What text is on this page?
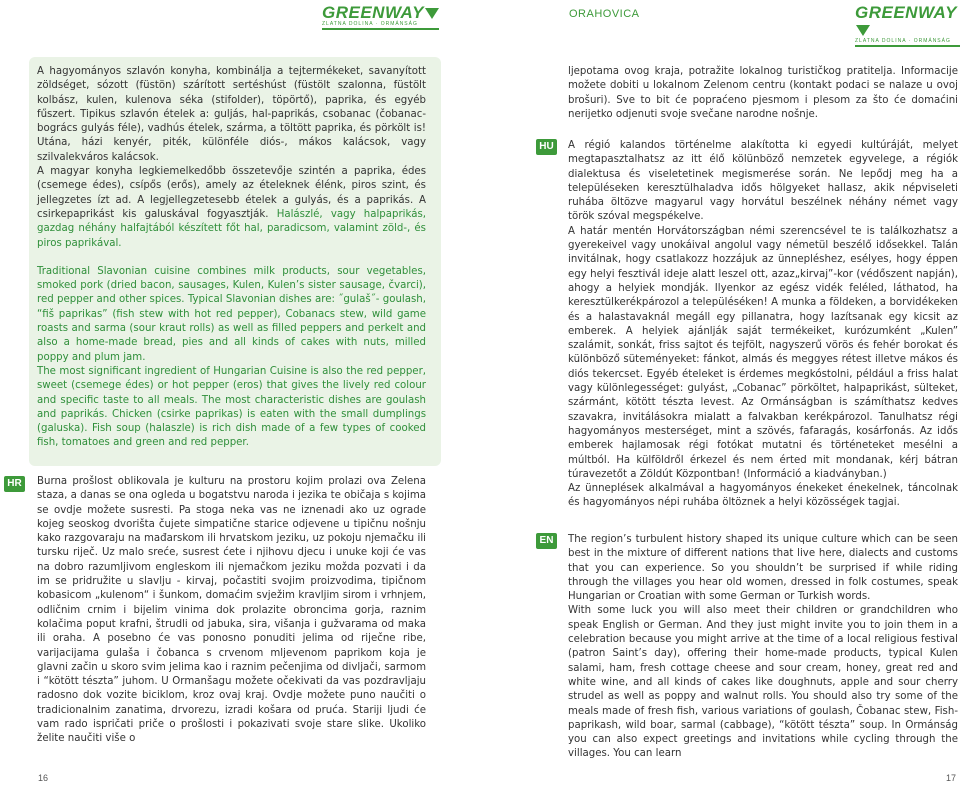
GREENWAY
ZLATNA DOLINA · ORMÁNSÁG
ORAHOVICA	GREENWAY
ZLATNA DOLINA · ORMÁNSÁG

A hagyományos szlavón konyha, kombinálja a tejtermékeket, savanyított zöldséget, sózott (füstön) szárított sertéshúst (füstölt szalonna, füstölt kolbász, kulen, kulenova séka (stifolder), töpörtő), paprika, és egyéb fűszert. Tipikus szlavón ételek a: guljás, hal-paprikás, csobanac (čobanac-bogrács gulyás féle), vadhús ételek, szárma, a töltött paprika, és pörkölt is! Utána, házi kenyér, piték, különféle diós-, mákos kalácsok, vagy szilvalekváros kalácsok.

A magyar konyha legkiemelkedőbb összetevője szintén a paprika, édes (csemege édes), csípős (erős), amely az ételeknek élénk, piros szint, és jellegzetes ízt ad. A legjellegzetesebb ételek a gulyás, és a paprikás. A csirkepaprikást kis galuskával fogyasztják. Halászlé, vagy halpaprikás, gazdag néhány halfajtából készített főt hal, paradicsom, valamint zöld-, és piros paprikával.

Traditional Slavonian cuisine combines milk products, sour vegetables, smoked pork (dried bacon, sausages, Kulen, Kulen’s sister sausage, čvarci), red pepper and other spices. Typical Slavonian dishes are: ˝gulaš˝- goulash, “fiš paprikas” (fish stew with hot red pepper), Cobanacs stew, wild game roasts and sarma (sour kraut rolls) as well as filled peppers and perkelt and also a home-made bread, pies and all kinds of cakes with nuts, milled poppy and plum jam.

The most significant ingredient of Hungarian Cuisine is also the red pepper, sweet (csemege édes) or hot pepper (eros) that gives the lively red colour and specific taste to all meals. The most characteristic dishes are goulash and paprikás. Chicken (csirke paprikas) is eaten with the small dumplings (galuska). Fish soup (halaszle) is rich dish made of a few types of cooked fish, tomatoes and green and red pepper.

HR	Burna prošlost oblikovala je kulturu na prostoru kojim prolazi ova Zelena staza, a danas se ona ogleda u bogatstvu naroda i jezika te običaja s kojima se ovdje možete susresti. Pa stoga neka vas ne iznenadi ako uz ograde kojeg seoskog dvorišta čujete simpatične starice odjevene u tipičnu nošnju kako razgovaraju na mađarskom ili hrvatskom jeziku, uz pokoju njemačku ili tursku riječ. Uz malo sreće, susrest ćete i njihovu djecu i unuke koji će vas na dobro razumljivom engleskom ili njemačkom jeziku možda pozvati i da im se pridružite u slavlju - kirvaj, počastiti svojim proizvodima, tipičnom kobasicom „kulenom“ i šunkom, domaćim svježim kravljim sirom i vrhnjem, odličnim crnim i bijelim vinima dok prolazite obroncima gorja, raznim kolačima poput krafni, štrudli od jabuka, sira, višanja i gužvarama od maka ili oraha. A posebno će vas ponosno ponuditi jelima od riječne ribe, varijacijama gulaša i čobanca s crvenom mljevenom paprikom koja je glavni začin u skoro svim jelima kao i raznim pečenjima od divljači, sarmom i “kötött tészta” juhom. U Ormanšagu možete očekivati da vas pozdravljaju radosno dok vozite biciklom, kroz ovaj kraj. Ovdje možete puno naučiti o tradicionalnim zanatima, drvorezu, izradi košara od pruća. Stariji ljudi će vam rado ispričati priče o prošlosti i pokazivati svoje stare slike. Ukoliko želite naučiti više o

16

ljepotama ovog kraja, potražite lokalnog turističkog pratitelja. Informacije možete dobiti u lokalnom Zelenom centru (kontakt podaci se nalaze u ovoj brošuri). Sve to bit će popraćeno pjesmom i plesom za što će domaćini nerijetko odjenuti svoje svečane narodne nošnje.

HU	A régió kalandos történelme alakította ki egyedi kultúráját, melyet megtapasztalhatsz az itt élő kölünböző nemzetek egyvelege, a régiók dialektusa és viseletetinek megismerése során. Ne lepődj meg ha a településeken keresztülhaladva idős hölgyeket hallasz, akik népviseleti ruhába öltözve magyarul vagy horvátul beszélnek néhány német vagy török szóval megspékelve.

A határ mentén Horvátországban némi szerencsével te is találkozhatsz a gyerekeivel vagy unokáival angolul vagy németül beszélő idősekkel. Talán invitálnak, hogy csatlakozz hozzájuk az ünnepléshez, esélyes, hogy éppen egy helyi fesztivál ideje alatt leszel ott, azaz„kirvaj”-kor (védőszent napján), ahogy a helyiek mondják. Ilyenkor az egész vidék feléled, láthatod, ha keresztülkerékpározol a településéken! A munka a földeken, a borvidékeken és a halastavaknál megáll egy pillanatra, hogy lazítsanak egy kicsit az emberek. A helyiek ajánlják saját termékeiket, kurózumként „Kulen” szalámit, sonkát, friss sajtot és tejfölt, nagyszerű vörös és fehér borokat és különböző süteményeket: fánkot, almás és meggyes rétest illetve mákos és diós tekercset. Egyéb ételeket is érdemes megkóstolni, például a friss halat vagy különlegességet: gulyást, „Cobanac” pörköltet, halpaprikást, sülteket, szármánt, kötött tészta levest. Az Ormánságban is számíthatsz kedves szavakra, invitálásokra mialatt a falvakban kerékpározol. Tanulhatsz régi hagyományos mesterséget, mint a szövés, fafaragás, kosárfonás. Az idős emberek hajlamosak régi fotókat mutatni és történeteket mesélni a múltból. Ha külföldről érkezel és nem érted mit mondanak, kérj bátran túravezetőt a Zöldút Központban! (Információ a kiadványban.)

Az ünneplések alkalmával a hagyományos énekeket énekelnek, táncolnak és hagyományos népi ruhába öltöznek a helyi közösségek tagjai.

EN	The region’s turbulent history shaped its unique culture which can be seen best in the mixture of different nations that live here, dialects and customs that you can experience. So you shouldn’t be surprised if while riding through the villages you hear old women, dressed in folk costumes, speak Hungarian or Croatian with some German or Turkish words.

With some luck you will also meet their children or grandchildren who speak English or German. And they just might invite you to join them in a celebration because you might arrive at the time of a local religious festival (patron Saint’s day), offering their home-made products, typical Kulen salami, ham, fresh cottage cheese and sour cream, honey, great red and white wine, and all kinds of cakes like doughnuts, apple and sour cherry strudel as well as poppy and walnut rolls. You should also try some of the meals made of fresh fish, various variations of goulash, Čobanac stew, Fish-paprikash, wild boar, sarmal (cabbage), “kötött tészta” soup. In Ormánság you can also expect greetings and invitations while cycling through the villages. You can learn

17
